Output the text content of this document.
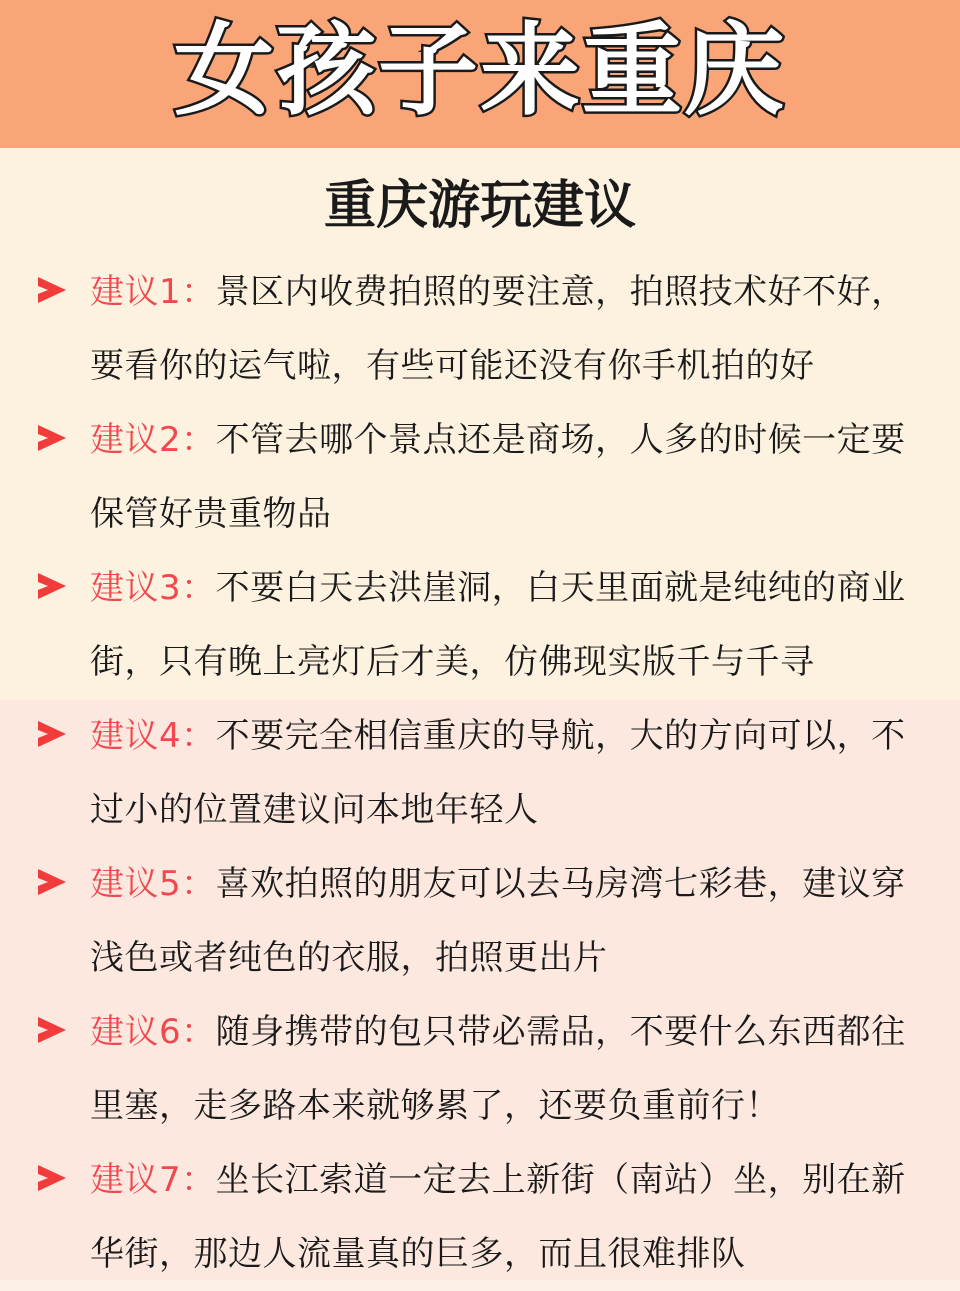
女孩子来重庆
重庆游玩建议
建议1：景区内收费拍照的要注意，拍照技术好不好，要看你的运气啦，有些可能还没有你手机拍的好
建议2：不管去哪个景点还是商场，人多的时候一定要保管好贵重物品
建议3：不要白天去洪崖洞，白天里面就是纯纯的商业街，只有晚上亮灯后才美，仿佛现实版千与千寻
建议4：不要完全相信重庆的导航，大的方向可以，不过小的位置建议问本地年轻人
建议5：喜欢拍照的朋友可以去马房湾七彩巷，建议穿浅色或者纯色的衣服，拍照更出片
建议6：随身携带的包只带必需品，不要什么东西都往里塞，走多路本来就够累了，还要负重前行！
建议7：坐长江索道一定去上新街（南站）坐，别在新华街，那边人流量真的巨多，而且很难排队
